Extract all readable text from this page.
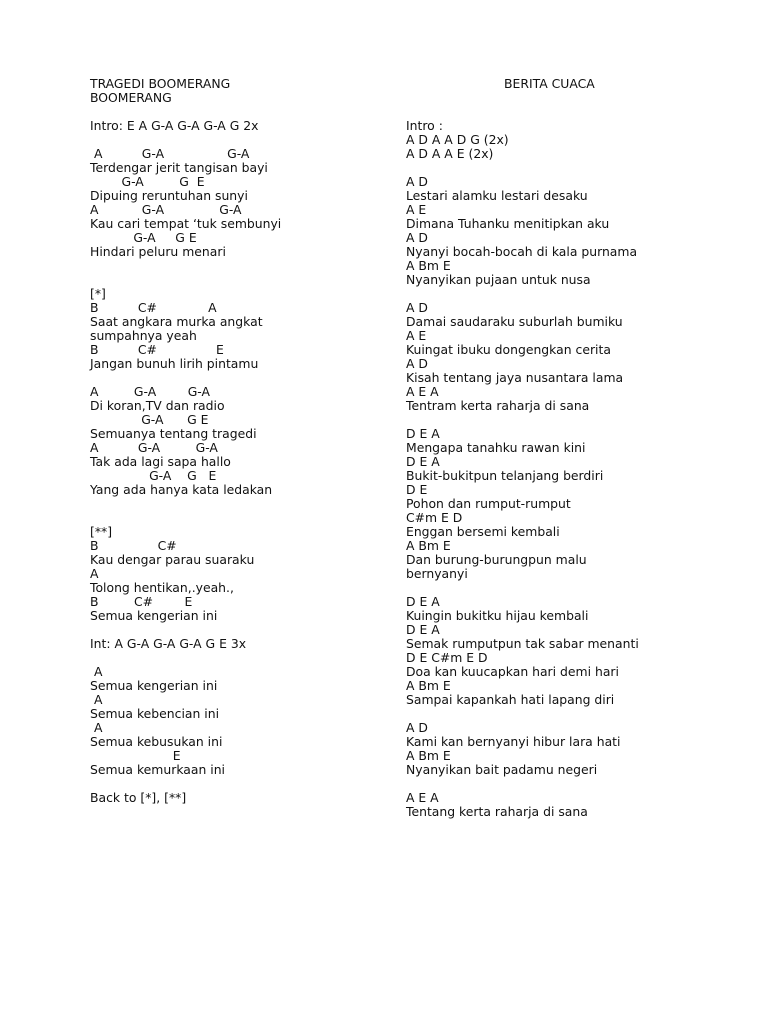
TRAGEDI BOOMERANG
BOOMERANG
Intro: E A G-A G-A G-A G 2x
A          G-A                G-A
Terdengar jerit tangisan bayi
G-A         G  E
Dipuing reruntuhan sunyi
A           G-A              G-A
Kau cari tempat ‘tuk sembunyi
G-A     G E
Hindari peluru menari
[*]
B          C#             A
Saat angkara murka angkat
sumpahnya yeah
B          C#               E
Jangan bunuh lirih pintamu
A         G-A        G-A
Di koran,TV dan radio
G-A      G E
Semuanya tentang tragedi
A          G-A         G-A
Tak ada lagi sapa hallo
G-A    G   E
Yang ada hanya kata ledakan
[**]
B               C#
Kau dengar parau suaraku
A
Tolong hentikan,.yeah.,
B         C#        E
Semua kengerian ini
Int: A G-A G-A G-A G E 3x
A
Semua kengerian ini
A
Semua kebencian ini
A
Semua kebusukan ini
E
Semua kemurkaan ini
Back to [*], [**]
BERITA CUACA
Intro :
A D A A D G (2x)
A D A A E (2x)
A D
Lestari alamku lestari desaku
A E
Dimana Tuhanku menitipkan aku
A D
Nyanyi bocah-bocah di kala purnama
A Bm E
Nyanyikan pujaan untuk nusa
A D
Damai saudaraku suburlah bumiku
A E
Kuingat ibuku dongengkan cerita
A D
Kisah tentang jaya nusantara lama
A E A
Tentram kerta raharja di sana
D E A
Mengapa tanahku rawan kini
D E A
Bukit-bukitpun telanjang berdiri
D E
Pohon dan rumput-rumput
C#m E D
Enggan bersemi kembali
A Bm E
Dan burung-burungpun malu
bernyanyi
D E A
Kuingin bukitku hijau kembali
D E A
Semak rumputpun tak sabar menanti
D E C#m E D
Doa kan kuucapkan hari demi hari
A Bm E
Sampai kapankah hati lapang diri
A D
Kami kan bernyanyi hibur lara hati
A Bm E
Nyanyikan bait padamu negeri
A E A
Tentang kerta raharja di sana
